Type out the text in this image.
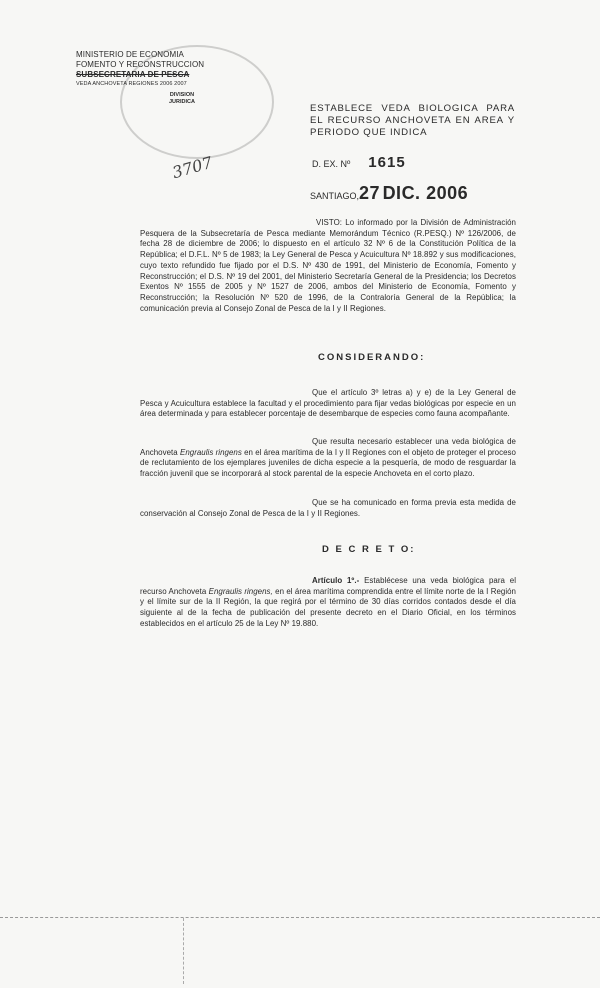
MINISTERIO DE ECONOMIA
FOMENTO Y RECONSTRUCCION
SUBSECRETARIA DE PESCA
VEDA ANCHOVETA REGIONES 2006 2007
DIVISION
JURIDICA
3707
ESTABLECE VEDA BIOLOGICA PARA EL RECURSO ANCHOVETA EN AREA Y PERIODO QUE INDICA
D. EX. Nº 1615
SANTIAGO,27 DIC. 2006
VISTO: Lo informado por la División de Administración Pesquera de la Subsecretaría de Pesca mediante Memorándum Técnico (R.PESQ.) Nº 126/2006, de fecha 28 de diciembre de 2006; lo dispuesto en el artículo 32 Nº 6 de la Constitución Política de la República; el D.F.L. Nº 5 de 1983; la Ley General de Pesca y Acuicultura Nº 18.892 y sus modificaciones, cuyo texto refundido fue fijado por el D.S. Nº 430 de 1991, del Ministerio de Economía, Fomento y Reconstrucción; el D.S. Nº 19 del 2001, del Ministerio Secretaría General de la Presidencia; los Decretos Exentos Nº 1555 de 2005 y Nº 1527 de 2006, ambos del Ministerio de Economía, Fomento y Reconstrucción; la Resolución Nº 520 de 1996, de la Contraloría General de la República; la comunicación previa al Consejo Zonal de Pesca de la I y II Regiones.
CONSIDERANDO:
Que el artículo 3º letras a) y e) de la Ley General de Pesca y Acuicultura establece la facultad y el procedimiento para fijar vedas biológicas por especie en un área determinada y para establecer porcentaje de desembarque de especies como fauna acompañante.
Que resulta necesario establecer una veda biológica de Anchoveta Engraulis ringens en el área marítima de la I y II Regiones con el objeto de proteger el proceso de reclutamiento de los ejemplares juveniles de dicha especie a la pesquería, de modo de resguardar la fracción juvenil que se incorporará al stock parental de la especie Anchoveta en el corto plazo.
Que se ha comunicado en forma previa esta medida de conservación al Consejo Zonal de Pesca de la I y II Regiones.
D E C R E T O:
Artículo 1º.- Establécese una veda biológica para el recurso Anchoveta Engraulis ringens, en el área marítima comprendida entre el límite norte de la I Región y el límite sur de la II Región, la que regirá por el término de 30 días corridos contados desde el día siguiente al de la fecha de publicación del presente decreto en el Diario Oficial, en los términos establecidos en el artículo 25 de la Ley Nº 19.880.
